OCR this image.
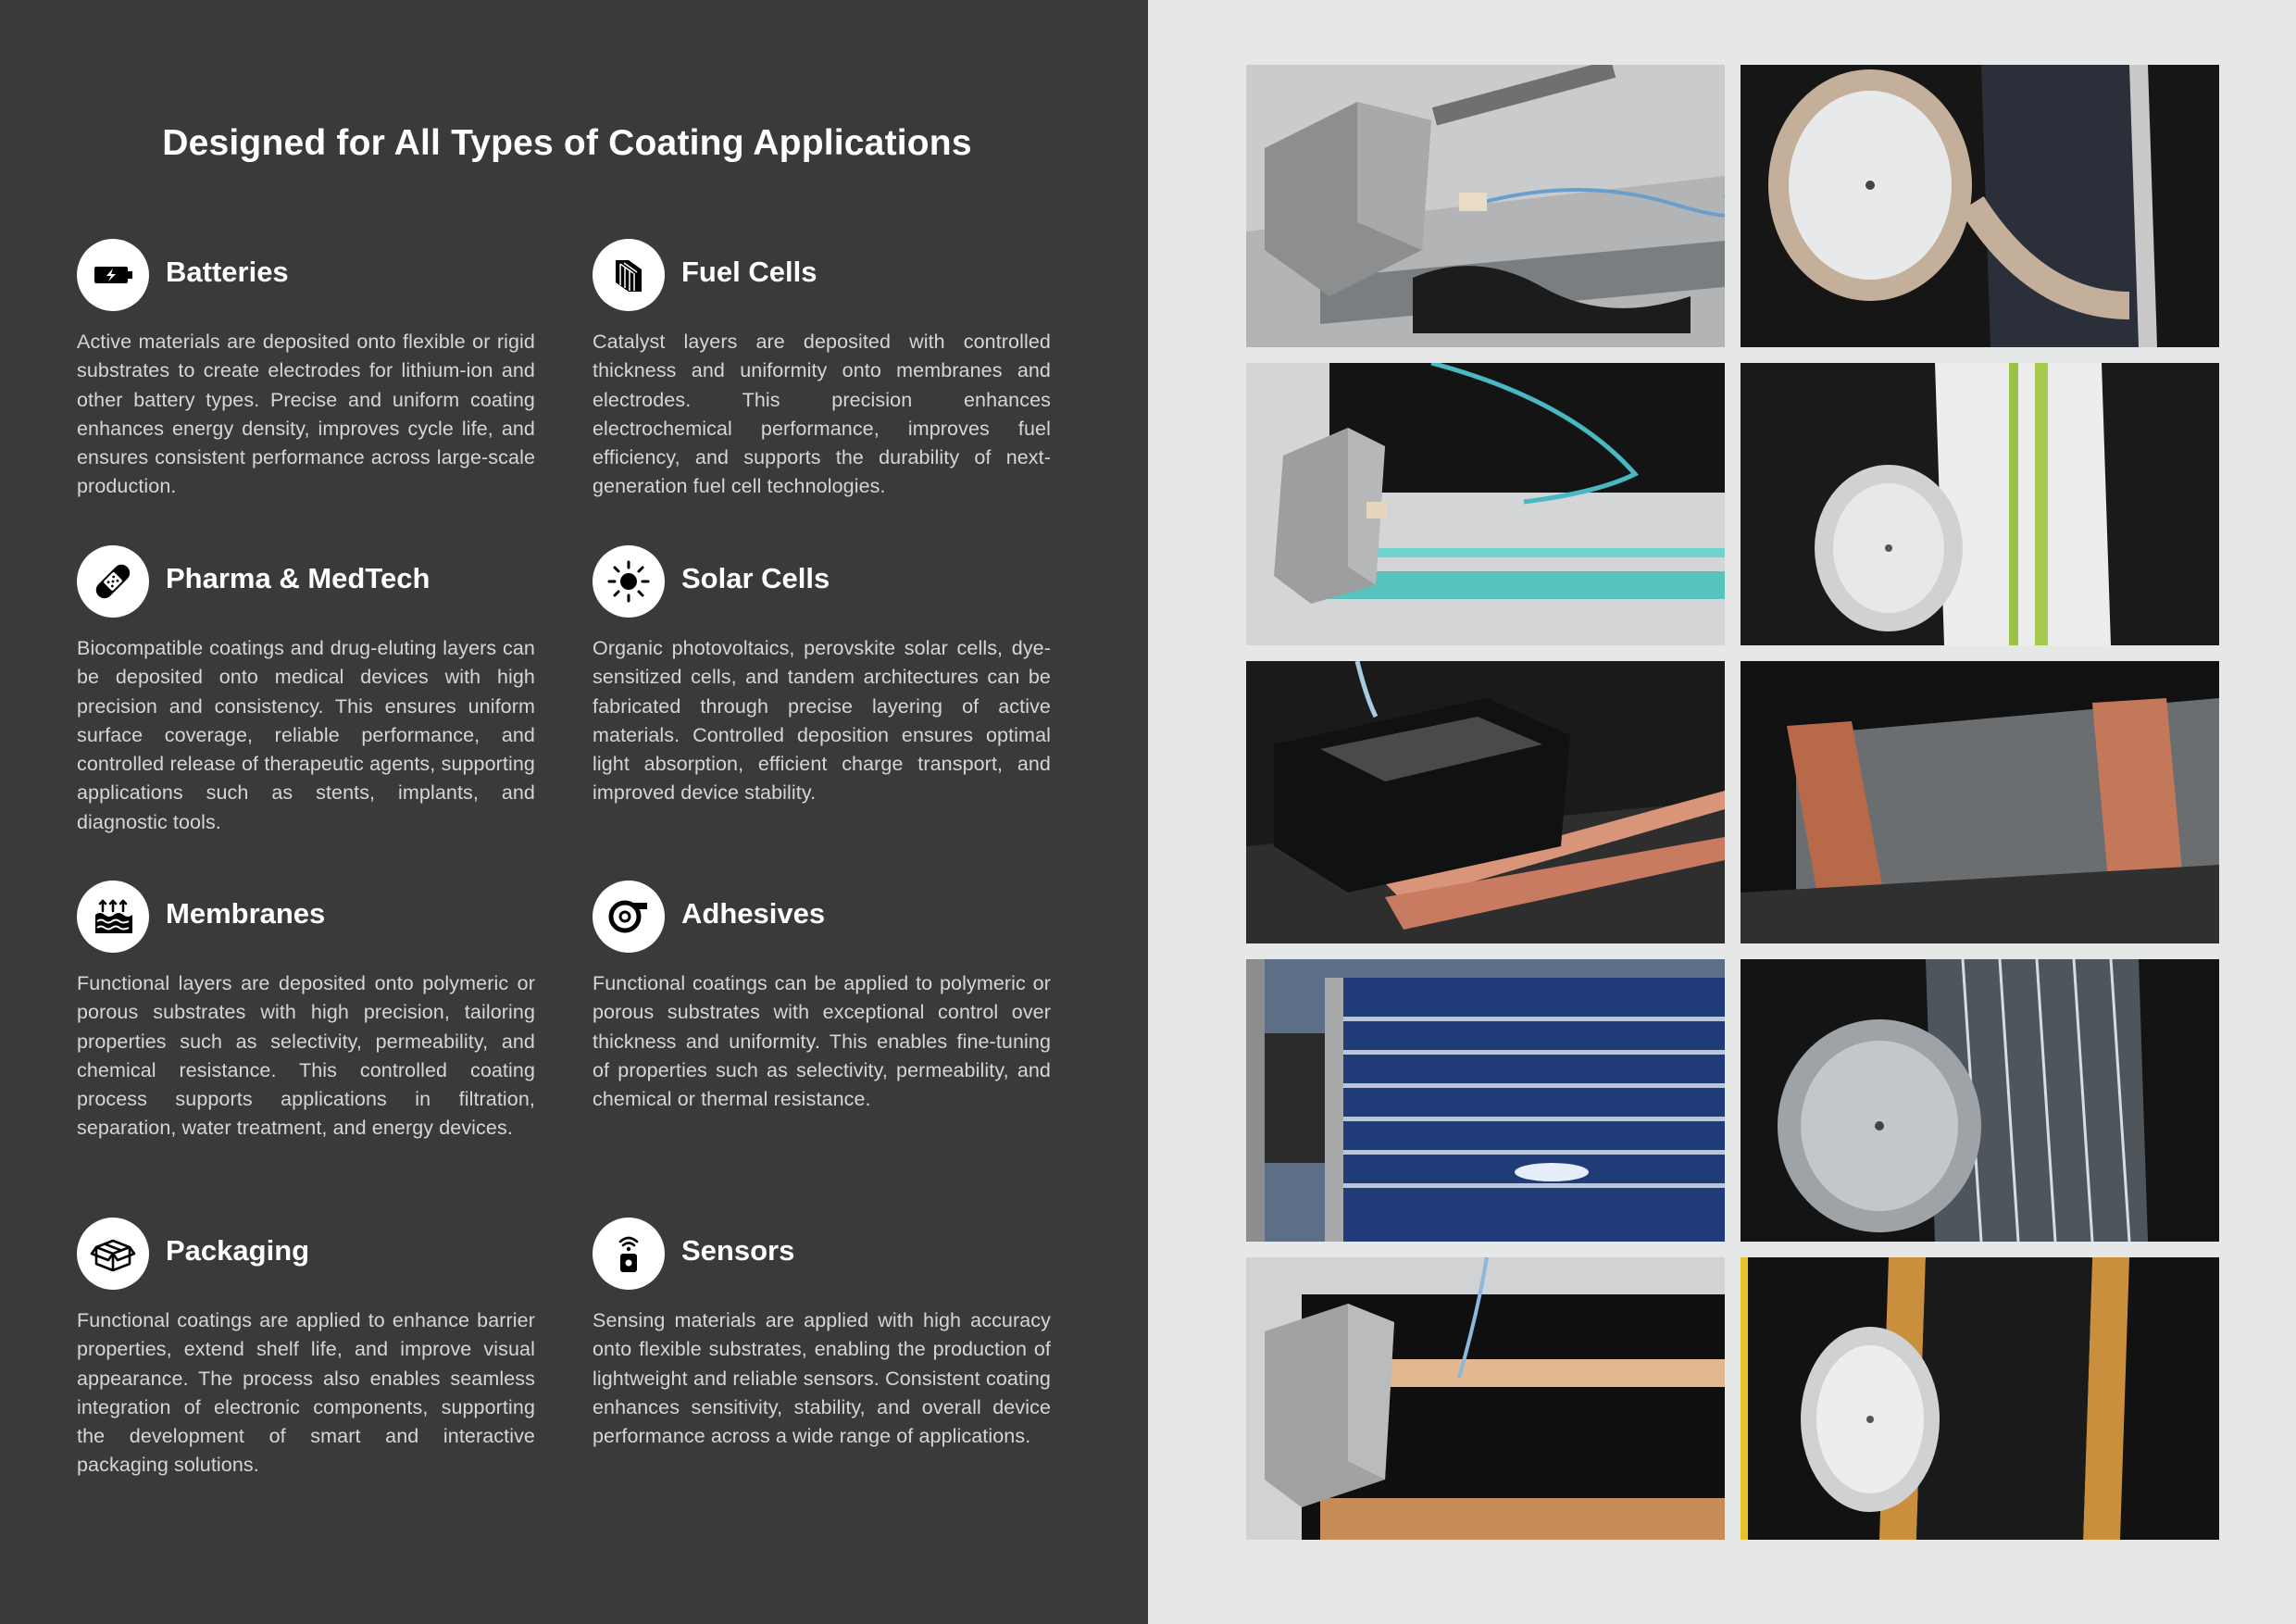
Designed for All Types of Coating Applications
Batteries
Active materials are deposited onto flexible or rigid substrates to create electrodes for lithium-ion and other battery types. Precise and uniform coating enhances energy density, improves cycle life, and ensures consistent performance across large-scale production.
Fuel Cells
Catalyst layers are deposited with controlled thickness and uniformity onto membranes and electrodes. This precision enhances electrochemical performance, improves fuel efficiency, and supports the durability of next-generation fuel cell technologies.
Pharma & MedTech
Biocompatible coatings and drug-eluting layers can be deposited onto medical devices with high precision and consistency. This ensures uniform surface coverage, reliable performance, and controlled release of therapeutic agents, supporting applications such as stents, implants, and diagnostic tools.
Solar Cells
Organic photovoltaics, perovskite solar cells, dye-sensitized cells, and tandem architectures can be fabricated through precise layering of active materials. Controlled deposition ensures optimal light absorption, efficient charge transport, and improved device stability.
Membranes
Functional layers are deposited onto polymeric or porous substrates with high precision, tailoring properties such as selectivity, permeability, and chemical resistance. This controlled coating process supports applications in filtration, separation, water treatment, and energy devices.
Adhesives
Functional coatings can be applied to polymeric or porous substrates with exceptional control over thickness and uniformity. This enables fine-tuning of properties such as selectivity, permeability, and chemical or thermal resistance.
Packaging
Functional coatings are applied to enhance barrier properties, extend shelf life, and improve visual appearance. The process also enables seamless integration of electronic components, supporting the development of smart and interactive packaging solutions.
Sensors
Sensing materials are applied with high accuracy onto flexible substrates, enabling the production of lightweight and reliable sensors. Consistent coating enhances sensitivity, stability, and overall device performance across a wide range of applications.
